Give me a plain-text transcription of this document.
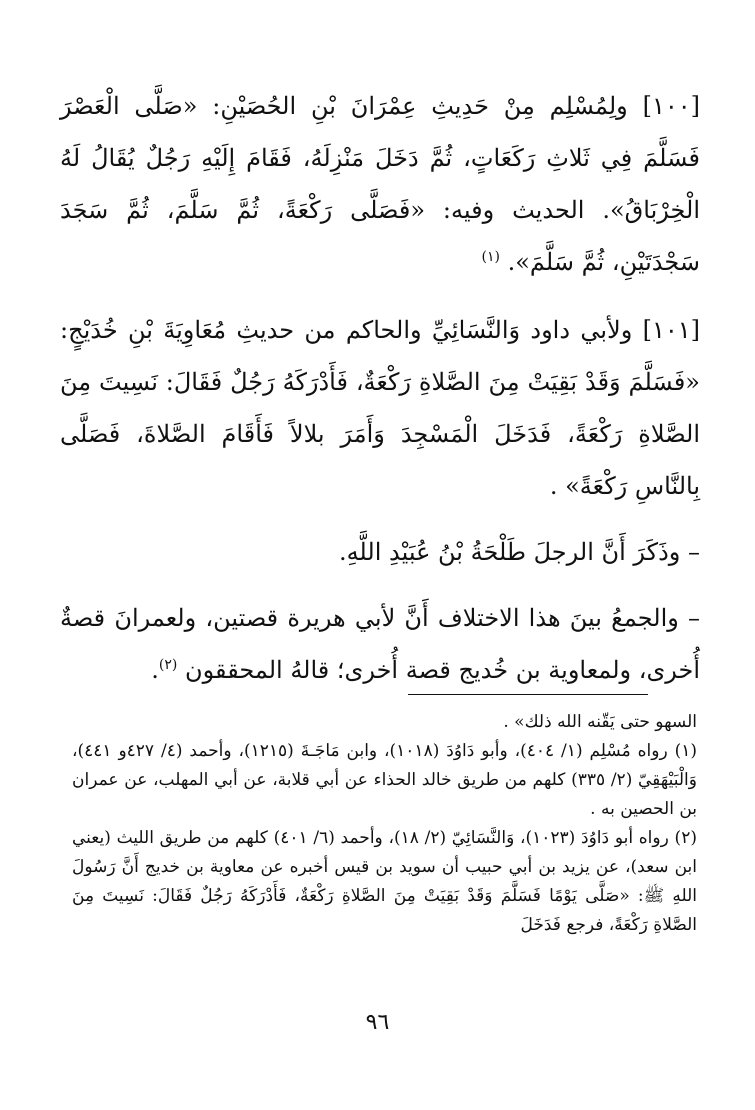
[١٠٠] ولِمُسْلِم مِنْ حَدِيثِ عِمْرَانَ بْنِ الحُصَيْنِ: «صَلَّى الْعَصْرَ فَسَلَّمَ فِي ثَلاثِ رَكَعَاتٍ، ثُمَّ دَخَلَ مَنْزِلَهُ، فَقَامَ إِلَيْهِ رَجُلٌ يُقَالُ لَهُ الْخِرْبَاقُ». الحديث وفيه: «فَصَلَّى رَكْعَةً، ثُمَّ سَلَّمَ، ثُمَّ سَجَدَ سَجْدَتَيْنِ، ثُمَّ سَلَّمَ». $^{(١)}$

[١٠١] ولأبي داود وَالنَّسَائِيِّ والحاكم من حديثِ مُعَاوِيَةَ بْنِ خُدَيْجٍ: «فَسَلَّمَ وَقَدْ بَقِيَتْ مِنَ الصَّلاةِ رَكْعَةٌ، فَأَدْرَكَهُ رَجُلٌ فَقَالَ: نَسِيتَ مِنَ الصَّلاةِ رَكْعَةً، فَدَخَلَ الْمَسْجِدَ وَأَمَرَ بلالاً فَأَقَامَ الصَّلاةَ، فَصَلَّى بِالنَّاسِ رَكْعَةً» .

– وذَكَرَ أَنَّ الرجلَ طَلْحَةُ بْنُ عُبَيْدِ اللَّهِ.

– والجمعُ بينَ هذا الاختلاف أَنَّ لأبي هريرة قصتين، ولعمرانَ قصةٌ أُخرى، ولمعاوية بن خُديج قصة أُخرى؛ قالهُ المحققون $^{(٢)}$.

السهو حتى يَقّنه الله ذلك» .

(١) رواه مُسْلِم (١/ ٤٠٤)، وأبو دَاوُدَ (١٠١٨)، وابن مَاجَـةَ (١٢١٥)، وأحمد (٤/ ٤٢٧و ٤٤١)، وَالْبَيْهَقِيّ (٢/ ٣٣٥) كلهم من طريق خالد الحذاء عن أبي قلابة، عن أبي المهلب، عن عمران بن الحصين به .

(٢) رواه أبو دَاوُدَ (١٠٢٣)، وَالنَّسَائِيّ (٢/ ١٨)، وأحمد (٦/ ٤٠١) كلهم من طريق الليث (يعني ابن سعد)، عن يزيد بن أبي حبيب أن سويد بن قيس أخبره عن معاوية بن خديج أَنَّ رَسُولَ اللهِ ﷺ: «صَلَّى يَوْمًا فَسَلَّمَ وَقَدْ بَقِيَتْ مِنَ الصَّلاةِ رَكْعَةٌ، فَأَدْرَكَهُ رَجُلٌ فَقَالَ: نَسِيتَ مِنَ الصَّلاةِ رَكْعَةً، فرجع فَدَخَلَ

٩٦
